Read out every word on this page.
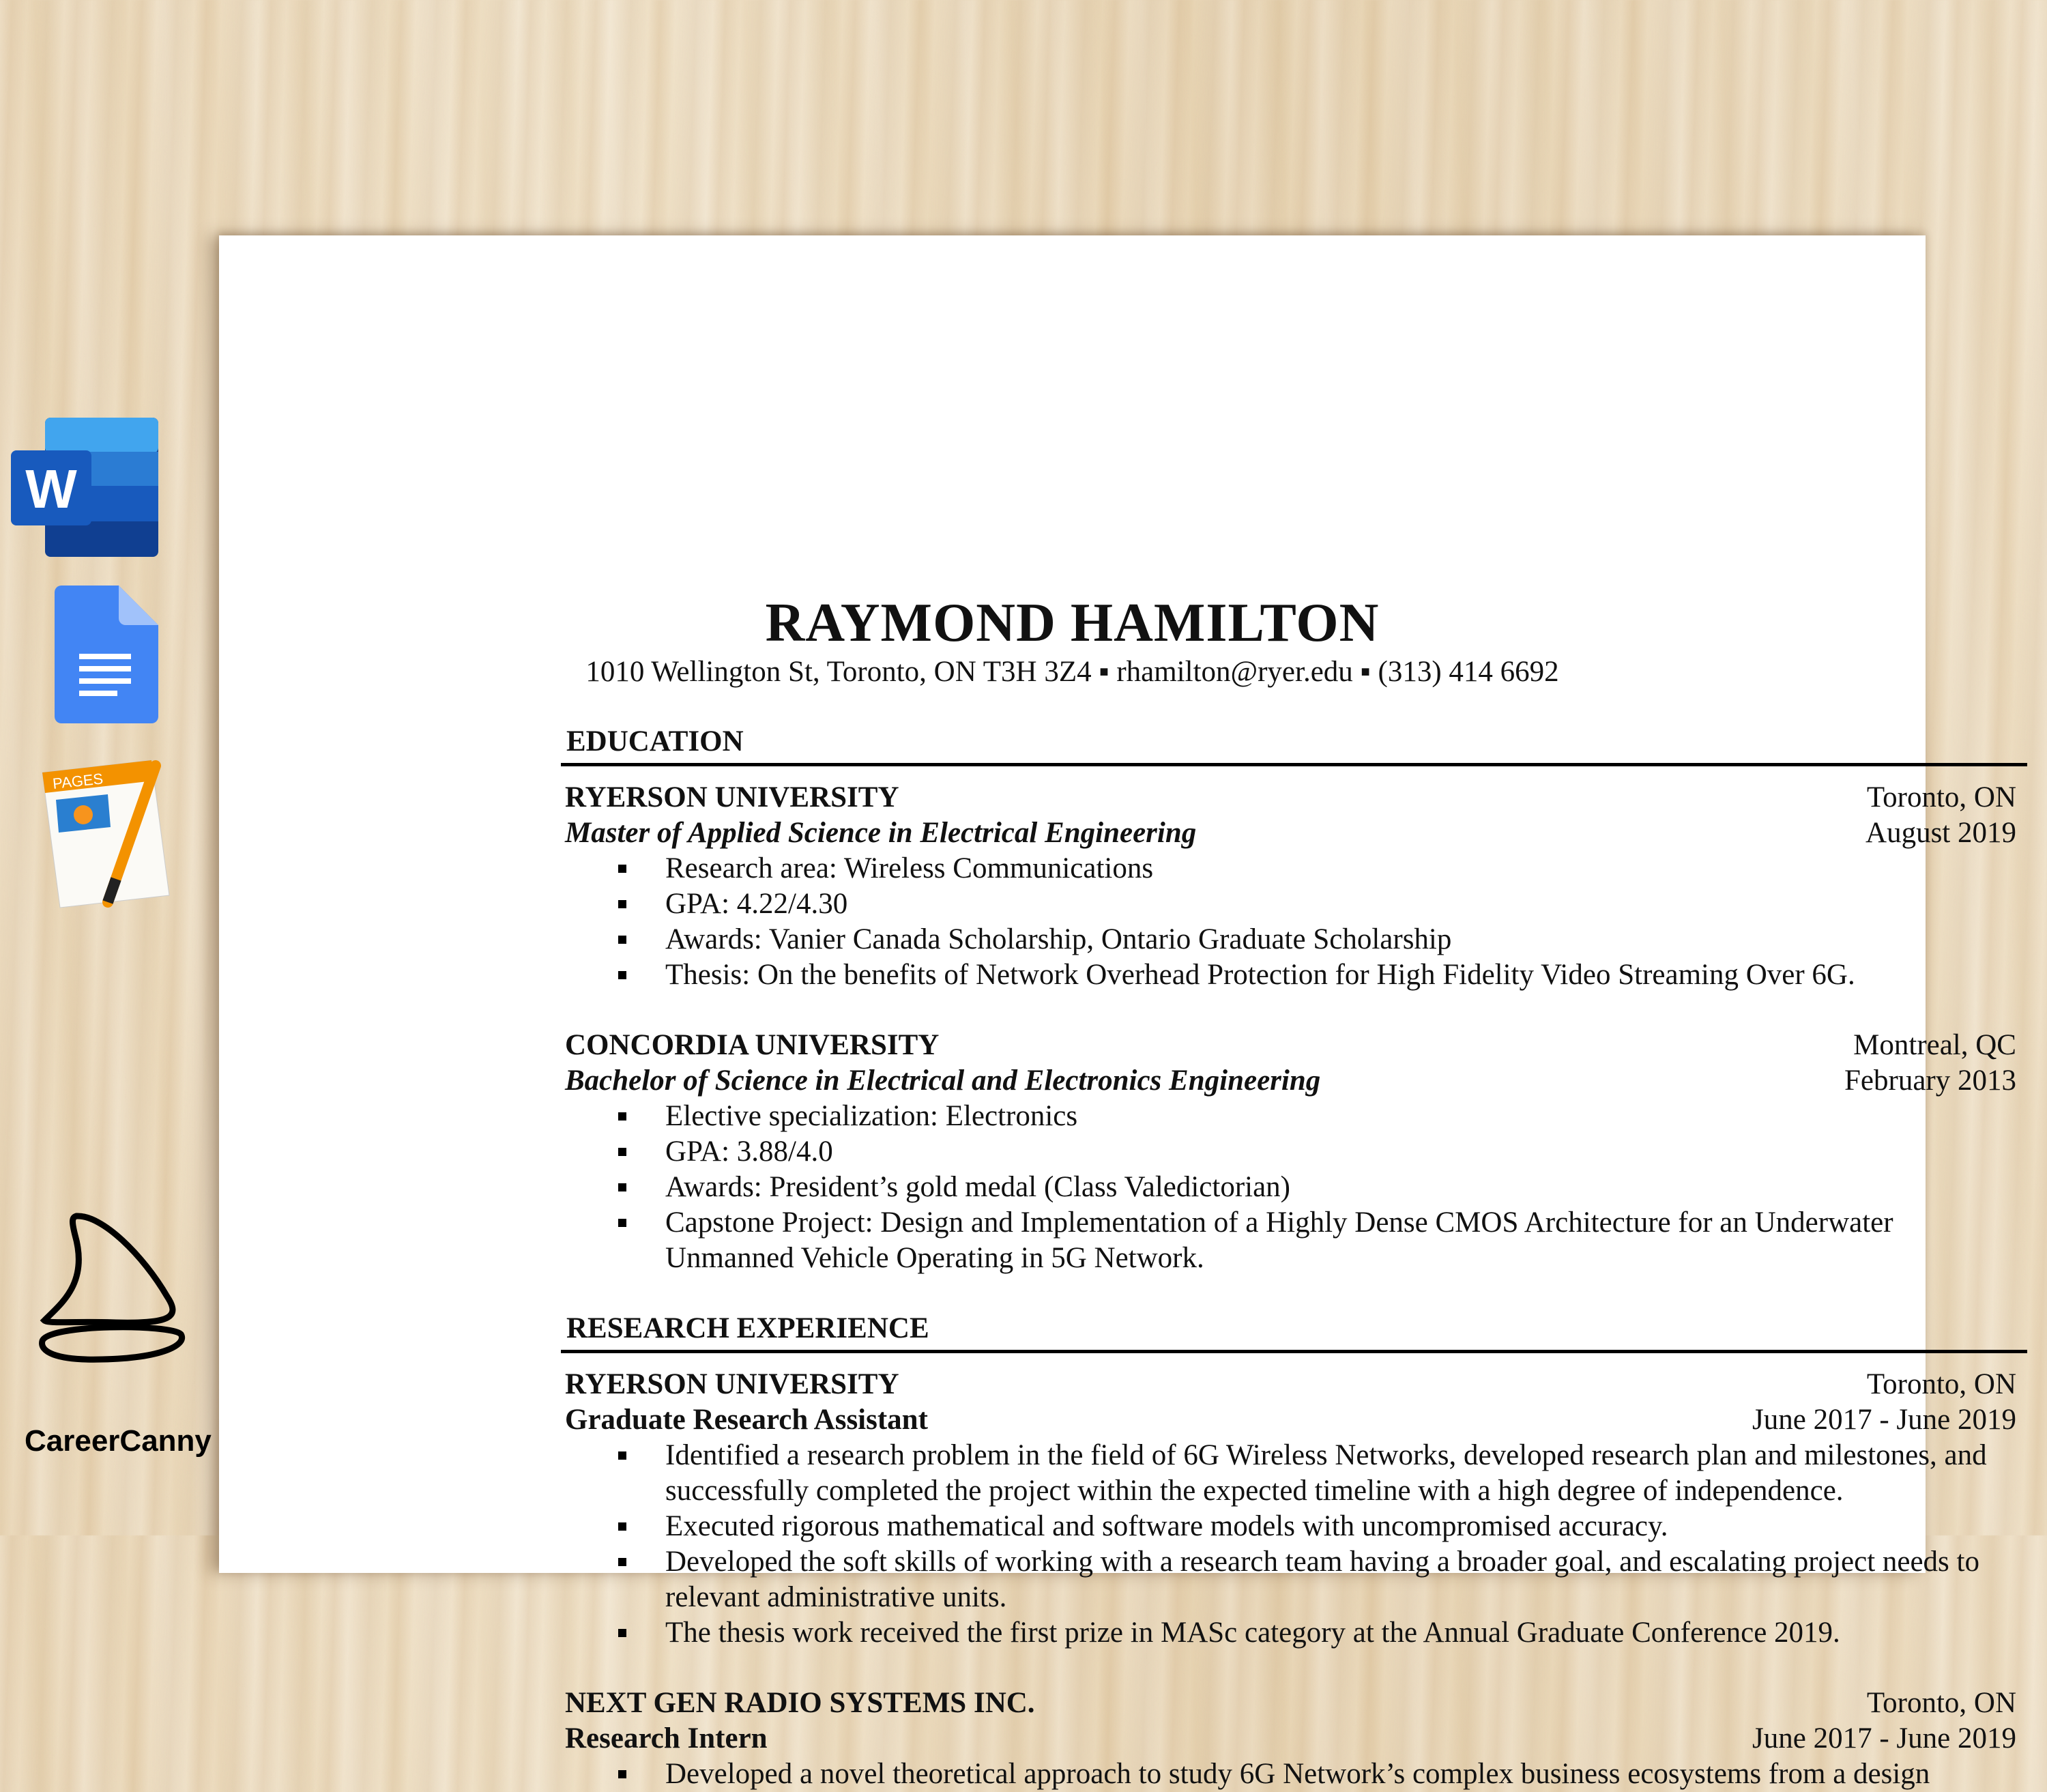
W
PAGES
RAYMOND HAMILTON
1010 Wellington St, Toronto, ON T3H 3Z4 ▪ rhamilton@ryer.edu ▪ (313) 414 6692
EDUCATION
RYERSON UNIVERSITY	Toronto, ON
Master of Applied Science in Electrical Engineering	August 2019
Research area: Wireless Communications
GPA: 4.22/4.30
Awards: Vanier Canada Scholarship, Ontario Graduate Scholarship
Thesis: On the benefits of Network Overhead Protection for High Fidelity Video Streaming Over 6G.
CONCORDIA UNIVERSITY	Montreal, QC
Bachelor of Science in Electrical and Electronics Engineering	February 2013
Elective specialization: Electronics
GPA: 3.88/4.0
Awards: President’s gold medal (Class Valedictorian)
Capstone Project: Design and Implementation of a Highly Dense CMOS Architecture for an Underwater Unmanned Vehicle Operating in 5G Network.
RESEARCH EXPERIENCE
RYERSON UNIVERSITY	Toronto, ON
Graduate Research Assistant	June 2017 - June 2019
Identified a research problem in the field of 6G Wireless Networks, developed research plan and milestones, and successfully completed the project within the expected timeline with a high degree of independence.
Executed rigorous mathematical and software models with uncompromised accuracy.
Developed the soft skills of working with a research team having a broader goal, and escalating project needs to relevant administrative units.
The thesis work received the first prize in MASc category at the Annual Graduate Conference 2019.
NEXT GEN RADIO SYSTEMS INC.	Toronto, ON
Research Intern	June 2017 - June 2019
Developed a novel theoretical approach to study 6G Network’s complex business ecosystems from a design
CareerCanny
